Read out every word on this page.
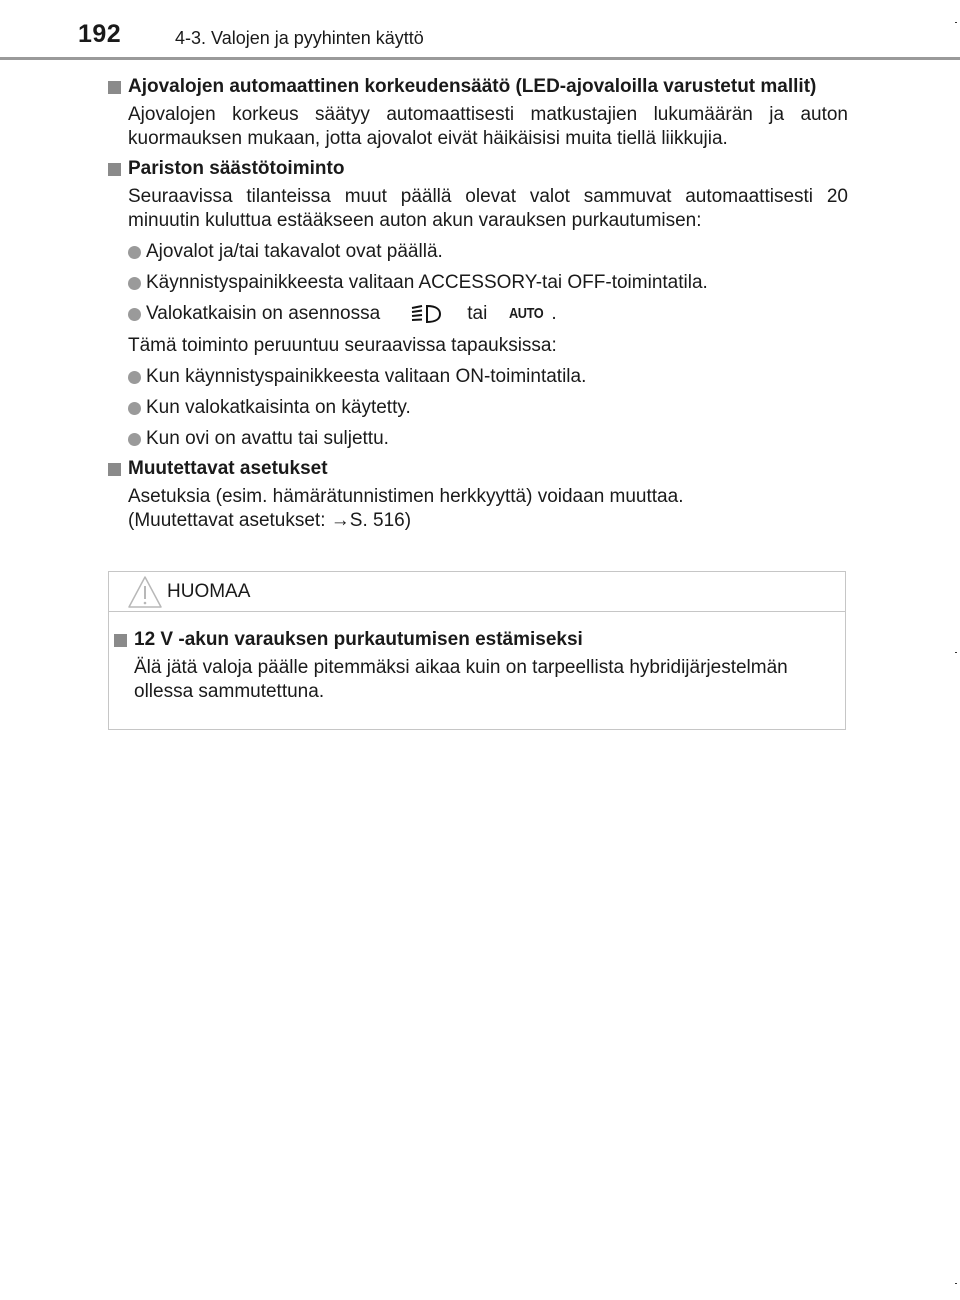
192	4-3. Valojen ja pyyhinten käyttö
Ajovalojen automaattinen korkeudensäätö (LED-ajovaloilla varustetut mallit)
Ajovalojen korkeus säätyy automaattisesti matkustajien lukumäärän ja auton kuormauksen mukaan, jotta ajovalot eivät häikäisisi muita tiellä liikkujia.
Pariston säästötoiminto
Seuraavissa tilanteissa muut päällä olevat valot sammuvat automaattisesti 20 minuutin kuluttua estääkseen auton akun varauksen purkautumisen:
Ajovalot ja/tai takavalot ovat päällä.
Käynnistyspainikkeesta valitaan ACCESSORY-tai OFF-toimintatila.
Valokatkaisin on asennossa	tai AUTO .
Tämä toiminto peruuntuu seuraavissa tapauksissa:
Kun käynnistyspainikkeesta valitaan ON-toimintatila.
Kun valokatkaisinta on käytetty.
Kun ovi on avattu tai suljettu.
Muutettavat asetukset
Asetuksia (esim. hämärätunnistimen herkkyyttä) voidaan muuttaa.
(Muutettavat asetukset: →S. 516)
HUOMAA
12 V -akun varauksen purkautumisen estämiseksi
Älä jätä valoja päälle pitemmäksi aikaa kuin on tarpeellista hybridijärjestelmän ollessa sammutettuna.
